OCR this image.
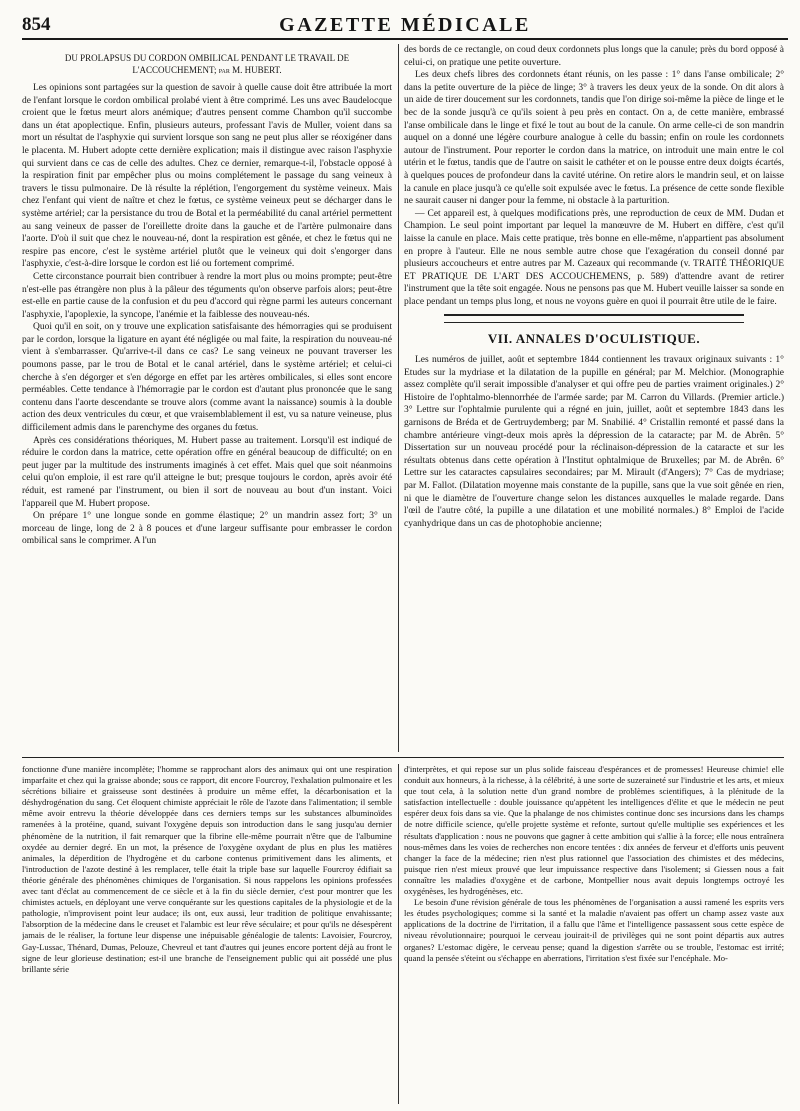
854	GAZETTE MÉDICALE
DU PROLAPSUS DU CORDON OMBILICAL PENDANT LE TRAVAIL DE L'ACCOUCHEMENT; par M. HUBERT.

Les opinions sont partagées sur la question de savoir à quelle cause doit être attribuée la mort de l'enfant lorsque le cordon ombilical prolabé vient à être comprimé. Les uns avec Baudelocque croient que le fœtus meurt alors anémique; d'autres pensent comme Chambon qu'il succombe dans un état apoplectique. Enfin, plusieurs auteurs, professant l'avis de Muller, voient dans sa mort un résultat de l'asphyxie qui survient lorsque son sang ne peut plus aller se réoxigéner dans le placenta. M. Hubert adopte cette dernière explication; mais il distingue avec raison l'asphyxie qui survient dans ce cas de celle des adultes. Chez ce dernier, remarque-t-il, l'obstacle opposé à la respiration finit par empêcher plus ou moins complétement le passage du sang veineux à travers le tissu pulmonaire. De là résulte la réplétion, l'engorgement du système veineux. Mais chez l'enfant qui vient de naître et chez le fœtus, ce système veineux peut se décharger dans le système artériel; car la persistance du trou de Botal et la perméabilité du canal artériel permettent au sang veineux de passer de l'oreillette droite dans la gauche et de l'artère pulmonaire dans l'aorte. D'où il suit que chez le nouveau-né, dont la respiration est gênée, et chez le fœtus qui ne respire pas encore, c'est le système artériel plutôt que le veineux qui doit s'engorger dans l'asphyxie, c'est-à-dire lorsque le cordon est lié ou fortement comprimé.

Cette circonstance pourrait bien contribuer à rendre la mort plus ou moins prompte; peut-être n'est-elle pas étrangère non plus à la pâleur des téguments qu'on observe parfois alors; peut-être est-elle en partie cause de la confusion et du peu d'accord qui règne parmi les auteurs concernant l'asphyxie, l'apoplexie, la syncope, l'anémie et la faiblesse des nouveau-nés.

Quoi qu'il en soit, on y trouve une explication satisfaisante des hémorragies qui se produisent par le cordon, lorsque la ligature en ayant été négligée ou mal faite, la respiration du nouveau-né vient à s'embarrasser. Qu'arrive-t-il dans ce cas? Le sang veineux ne pouvant traverser les poumons passe, par le trou de Botal et le canal artériel, dans le système artériel; et celui-ci cherche à s'en dégorger et s'en dégorge en effet par les artères ombilicales, si elles sont encore perméables. Cette tendance à l'hémorragie par le cordon est d'autant plus prononcée que le sang contenu dans l'aorte descendante se trouve alors (comme avant la naissance) soumis à la double action des deux ventricules du cœur, et que vraisemblablement il est, vu sa nature veineuse, plus difficilement admis dans le parenchyme des organes du fœtus.

Après ces considérations théoriques, M. Hubert passe au traitement. Lorsqu'il est indiqué de réduire le cordon dans la matrice, cette opération offre en général beaucoup de difficulté; on en peut juger par la multitude des instruments imaginés à cet effet. Mais quel que soit néanmoins celui qu'on emploie, il est rare qu'il atteigne le but; presque toujours le cordon, après avoir été réduit, est ramené par l'instrument, ou bien il sort de nouveau au bout d'un instant. Voici l'appareil que M. Hubert propose.

On prépare 1° une longue sonde en gomme élastique; 2° un mandrin assez fort; 3° un morceau de linge, long de 2 à 8 pouces et d'une largeur suffisante pour embrasser le cordon ombilical sans le comprimer. A l'un

des bords de ce rectangle, on coud deux cordonnets plus longs que la canule; près du bord opposé à celui-ci, on pratique une petite ouverture.

Les deux chefs libres des cordonnets étant réunis, on les passe : 1° dans l'anse ombilicale; 2° dans la petite ouverture de la pièce de linge; 3° à travers les deux yeux de la sonde. On dit alors à un aide de tirer doucement sur les cordonnets, tandis que l'on dirige soi-même la pièce de linge et le bec de la sonde jusqu'à ce qu'ils soient à peu près en contact. On a, de cette manière, embrassé l'anse ombilicale dans le linge et fixé le tout au bout de la canule. On arme celle-ci de son mandrin auquel on a donné une légère courbure analogue à celle du bassin; enfin on roule les cordonnets autour de l'instrument. Pour reporter le cordon dans la matrice, on introduit une main entre le col utérin et le fœtus, tandis que de l'autre on saisit le cathéter et on le pousse entre deux doigts écartés, à quelques pouces de profondeur dans la cavité utérine. On retire alors le mandrin seul, et on laisse la canule en place jusqu'à ce qu'elle soit expulsée avec le fœtus. La présence de cette sonde flexible ne saurait causer ni danger pour la femme, ni obstacle à la parturition.

— Cet appareil est, à quelques modifications près, une reproduction de ceux de MM. Dudan et Champion. Le seul point important par lequel la manœuvre de M. Hubert en diffère, c'est qu'il laisse la canule en place. Mais cette pratique, très bonne en elle-même, n'appartient pas absolument en propre à l'auteur. Elle ne nous semble autre chose que l'exagération du conseil donné par plusieurs accoucheurs et entre autres par M. Cazeaux qui recommande (v. TRAITÉ THÉORIQUE ET PRATIQUE DE L'ART DES ACCOUCHEMENS, p. 589) d'attendre avant de retirer l'instrument que la tête soit engagée. Nous ne pensons pas que M. Hubert veuille laisser sa sonde en place pendant un temps plus long, et nous ne voyons guère en quoi il pourrait être utile de le faire.

VII. ANNALES D'OCULISTIQUE.

Les numéros de juillet, août et septembre 1844 contiennent les travaux originaux suivants : 1° Etudes sur la mydriase et la dilatation de la pupille en général; par M. Melchior. (Monographie assez complète qu'il serait impossible d'analyser et qui offre peu de parties vraiment originales.) 2° Histoire de l'ophtalmo-blennorrhée de l'armée sarde; par M. Carron du Villards. (Premier article.) 3° Lettre sur l'ophtalmie purulente qui a régné en juin, juillet, août et septembre 1843 dans les garnisons de Bréda et de Gertruydemberg; par M. Snabilié. 4° Cristallin remonté et passé dans la chambre antérieure vingt-deux mois après la dépression de la cataracte; par M. de Abrên. 5° Dissertation sur un nouveau procédé pour la réclinaison-dépression de la cataracte et sur les résultats obtenus dans cette opération à l'Institut ophtalmique de Bruxelles; par M. de Abrên. 6° Lettre sur les cataractes capsulaires secondaires; par M. Mirault (d'Angers); 7° Cas de mydriase; par M. Fallot. (Dilatation moyenne mais constante de la pupille, sans que la vue soit gênée en rien, ni que le diamètre de l'ouverture change selon les distances auxquelles le malade regarde. Dans l'œil de l'autre côté, la pupille a une dilatation et une mobilité normales.) 8° Emploi de l'acide cyanhydrique dans un cas de photophobie ancienne;

fonctionne d'une manière incomplète; l'homme se rapprochant alors des animaux qui ont une respiration imparfaite et chez qui la graisse abonde; sous ce rapport, dit encore Fourcroy, l'exhalation pulmonaire et les sécrétions biliaire et graisseuse sont destinées à produire un même effet, la décarbonisation et la déshydrogénation du sang. Cet éloquent chimiste appréciait le rôle de l'azote dans l'alimentation; il semble même avoir entrevu la théorie développée dans ces derniers temps sur les substances albuminoïdes ramenées à la protéine, quand, suivant l'oxygène depuis son introduction dans le sang jusqu'au dernier phénomène de la nutrition, il fait remarquer que la fibrine elle-même pourrait n'être que de l'albumine oxydée au dernier degré. En un mot, la présence de l'oxygène oxydant de plus en plus les matières animales, la déperdition de l'hydrogène et du carbone contenus primitivement dans les aliments, et l'introduction de l'azote destiné à les remplacer, telle était la triple base sur laquelle Fourcroy édifiait sa théorie générale des phénomènes chimiques de l'organisation. Si nous rappelons les opinions professées avec tant d'éclat au commencement de ce siècle et à la fin du siècle dernier, c'est pour montrer que les chimistes actuels, en déployant une verve conquérante sur les questions capitales de la physiologie et de la pathologie, n'improvisent point leur audace; ils ont, eux aussi, leur tradition de politique envahissante; l'absorption de la médecine dans le creuset et l'alambic est leur rêve séculaire; et pour qu'ils ne désespèrent jamais de le réaliser, la fortune leur dispense une inépuisable généalogie de talents: Lavoisier, Fourcroy, Gay-Lussac, Thénard, Dumas, Pelouze, Chevreul et tant d'autres qui jeunes encore portent déjà au front le signe de leur glorieuse destination; est-il une branche de l'enseignement public qui ait possédé une plus brillante série

d'interprètes, et qui repose sur un plus solide faisceau d'espérances et de promesses! Heureuse chimie! elle conduit aux honneurs, à la richesse, à la célébrité, à une sorte de suzeraineté sur l'industrie et les arts, et mieux que tout cela, à la solution nette d'un grand nombre de problèmes scientifiques, à la plénitude de la satisfaction intellectuelle : double jouissance qu'appètent les intelligences d'élite et que le médecin ne peut espérer deux fois dans sa vie. Que la phalange de nos chimistes continue donc ses incursions dans les champs de notre difficile science, qu'elle projette système et refonte, surtout qu'elle multiplie ses expériences et les résultats d'application : nous ne pouvons que gagner à cette ambition qui s'allie à la force; elle nous entraînera nous-mêmes dans les voies de recherches non encore tentées : dix années de ferveur et d'efforts unis peuvent changer la face de la médecine; rien n'est plus rationnel que l'association des chimistes et des médecins, puisque rien n'est mieux prouvé que leur impuissance respective dans l'isolement; si Giessen nous a fait connaître les maladies d'oxygène et de carbone, Montpellier nous avait depuis longtemps octroyé les oxygénèses, les hydrogénèses, etc.

Le besoin d'une révision générale de tous les phénomènes de l'organisation a aussi ramené les esprits vers les études psychologiques; comme si la santé et la maladie n'avaient pas offert un champ assez vaste aux applications de la doctrine de l'irritation, il a fallu que l'âme et l'intelligence passassent sous cette espèce de niveau révolutionnaire; pourquoi le cerveau jouirait-il de privilèges qui ne sont point départis aux autres organes? L'estomac digère, le cerveau pense; quand la digestion s'arrête ou se trouble, l'estomac est irrité; quand la pensée s'éteint ou s'échappe en aberrations, l'irritation s'est fixée sur l'encéphale. Mo-
